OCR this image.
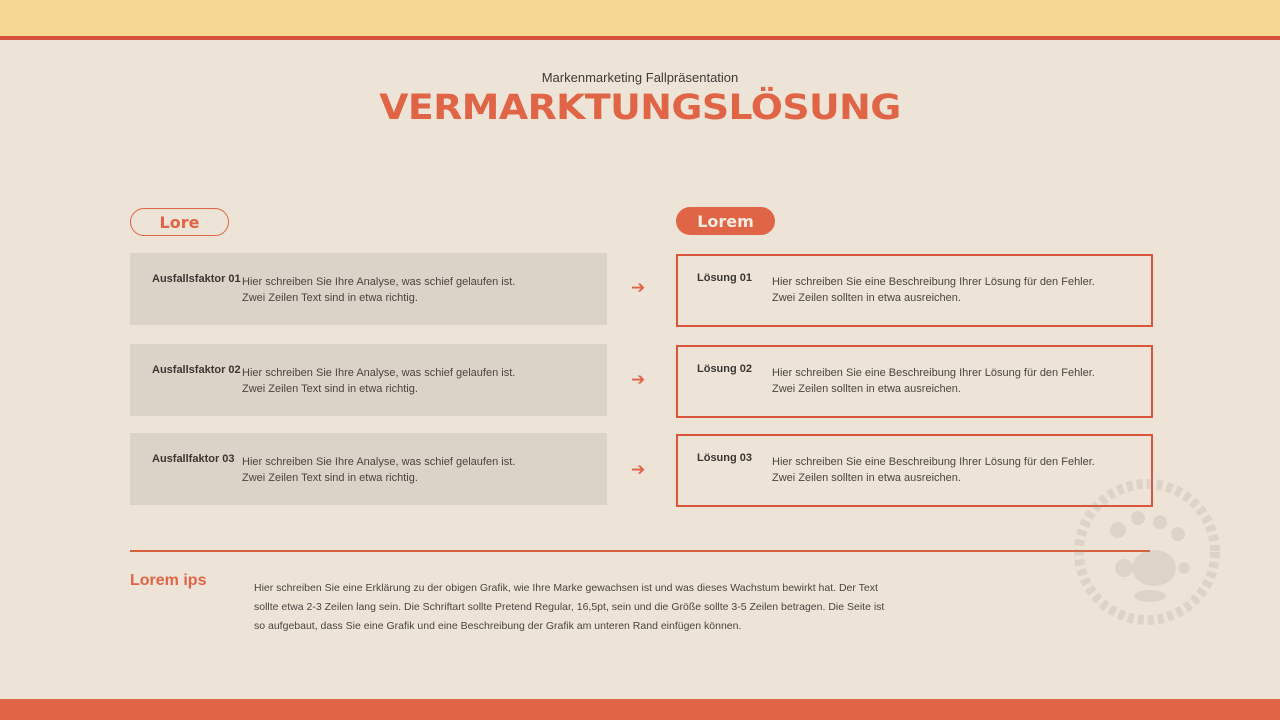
Markenmarketing Fallpräsentation
VERMARKTUNGSLÖSUNG
Lore	Lorem
Ausfallsfaktor 01 Hier schreiben Sie Ihre Analyse, was schief gelaufen ist.
Zwei Zeilen Text sind in etwa richtig.
Ausfallsfaktor 02 Hier schreiben Sie Ihre Analyse, was schief gelaufen ist.
Zwei Zeilen Text sind in etwa richtig.
Ausfallfaktor 03 Hier schreiben Sie Ihre Analyse, was schief gelaufen ist.
Zwei Zeilen Text sind in etwa richtig.
➔
➔
➔
Lösung 01 Hier schreiben Sie eine Beschreibung Ihrer Lösung für den Fehler.
Zwei Zeilen sollten in etwa ausreichen.
Lösung 02 Hier schreiben Sie eine Beschreibung Ihrer Lösung für den Fehler.
Zwei Zeilen sollten in etwa ausreichen.
Lösung 03 Hier schreiben Sie eine Beschreibung Ihrer Lösung für den Fehler.
Zwei Zeilen sollten in etwa ausreichen.
Lorem ips	Hier schreiben Sie eine Erklärung zu der obigen Grafik, wie Ihre Marke gewachsen ist und was dieses Wachstum bewirkt hat. Der Text
sollte etwa 2-3 Zeilen lang sein. Die Schriftart sollte Pretend Regular, 16,5pt, sein und die Größe sollte 3-5 Zeilen betragen. Die Seite ist
so aufgebaut, dass Sie eine Grafik und eine Beschreibung der Grafik am unteren Rand einfügen können.
